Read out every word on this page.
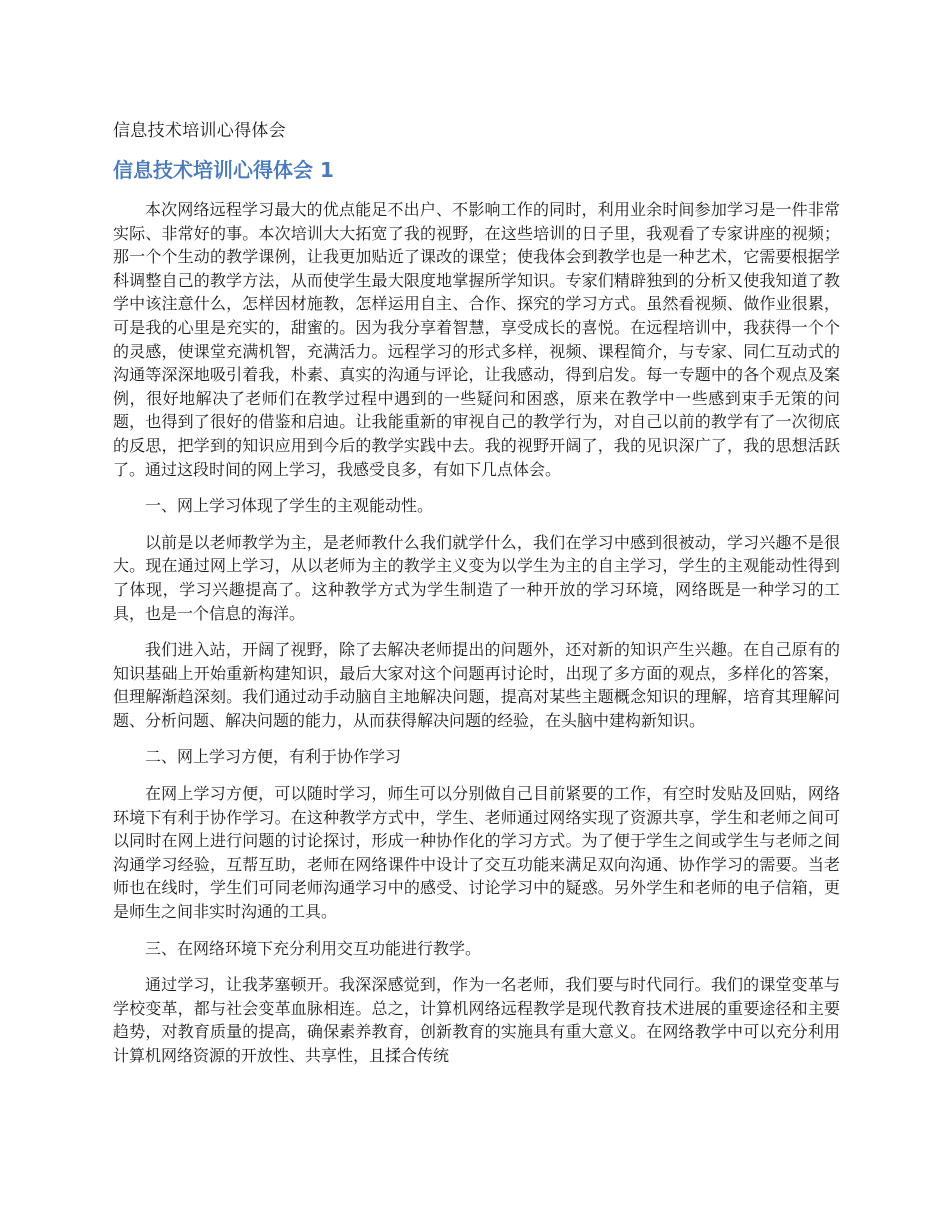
信息技术培训心得体会
信息技术培训心得体会 1

本次网络远程学习最大的优点能足不出户、不影响工作的同时，利用业余时间参加学习是一件非常实际、非常好的事。本次培训大大拓宽了我的视野，在这些培训的日子里，我观看了专家讲座的视频；那一个个生动的教学课例，让我更加贴近了课改的课堂；使我体会到教学也是一种艺术，它需要根据学科调整自己的教学方法，从而使学生最大限度地掌握所学知识。专家们精辟独到的分析又使我知道了教学中该注意什么，怎样因材施教，怎样运用自主、合作、探究的学习方式。虽然看视频、做作业很累，可是我的心里是充实的，甜蜜的。因为我分享着智慧，享受成长的喜悦。在远程培训中，我获得一个个的灵感，使课堂充满机智，充满活力。远程学习的形式多样，视频、课程简介，与专家、同仁互动式的沟通等深深地吸引着我，朴素、真实的沟通与评论，让我感动，得到启发。每一专题中的各个观点及案例，很好地解决了老师们在教学过程中遇到的一些疑问和困惑，原来在教学中一些感到束手无策的问题，也得到了很好的借鉴和启迪。让我能重新的审视自己的教学行为，对自己以前的教学有了一次彻底的反思，把学到的知识应用到今后的教学实践中去。我的视野开阔了，我的见识深广了，我的思想活跃了。通过这段时间的网上学习，我感受良多，有如下几点体会。

一、网上学习体现了学生的主观能动性。

以前是以老师教学为主，是老师教什么我们就学什么，我们在学习中感到很被动，学习兴趣不是很大。现在通过网上学习，从以老师为主的教学主义变为以学生为主的自主学习，学生的主观能动性得到了体现，学习兴趣提高了。这种教学方式为学生制造了一种开放的学习环境，网络既是一种学习的工具，也是一个信息的海洋。

我们进入站，开阔了视野，除了去解决老师提出的问题外，还对新的知识产生兴趣。在自己原有的知识基础上开始重新构建知识，最后大家对这个问题再讨论时，出现了多方面的观点，多样化的答案，但理解渐趋深刻。我们通过动手动脑自主地解决问题，提高对某些主题概念知识的理解，培育其理解问题、分析问题、解决问题的能力，从而获得解决问题的经验，在头脑中建构新知识。

二、网上学习方便，有利于协作学习

在网上学习方便，可以随时学习，师生可以分别做自己目前紧要的工作，有空时发贴及回贴，网络环境下有利于协作学习。在这种教学方式中，学生、老师通过网络实现了资源共享，学生和老师之间可以同时在网上进行问题的讨论探讨，形成一种协作化的学习方式。为了便于学生之间或学生与老师之间沟通学习经验，互帮互助，老师在网络课件中设计了交互功能来满足双向沟通、协作学习的需要。当老师也在线时，学生们可同老师沟通学习中的感受、讨论学习中的疑惑。另外学生和老师的电子信箱，更是师生之间非实时沟通的工具。

三、在网络环境下充分利用交互功能进行教学。

通过学习，让我茅塞顿开。我深深感觉到，作为一名老师，我们要与时代同行。我们的课堂变革与学校变革，都与社会变革血脉相连。总之，计算机网络远程教学是现代教育技术进展的重要途径和主要趋势，对教育质量的提高，确保素养教育，创新教育的实施具有重大意义。在网络教学中可以充分利用计算机网络资源的开放性、共享性，且揉合传统
